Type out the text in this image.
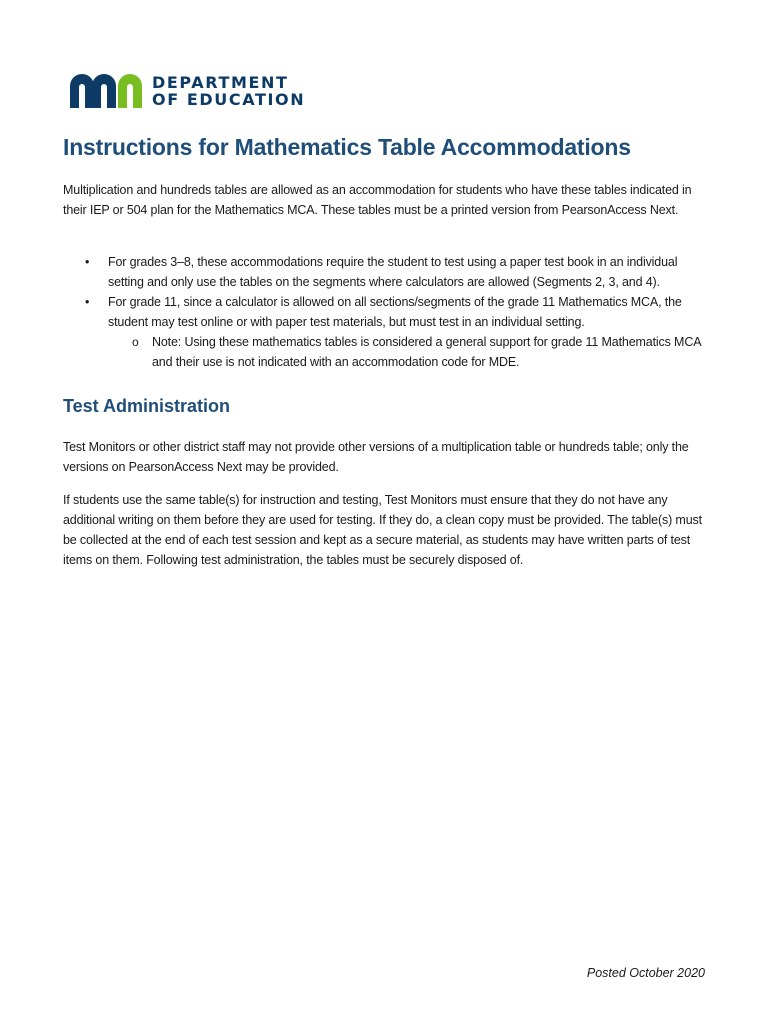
DEPARTMENT
OF EDUCATION
Instructions for Mathematics Table Accommodations

Multiplication and hundreds tables are allowed as an accommodation for students who have these tables indicated in their IEP or 504 plan for the Mathematics MCA. These tables must be a printed version from PearsonAccess Next.

• For grades 3–8, these accommodations require the student to test using a paper test book in an individual setting and only use the tables on the segments where calculators are allowed (Segments 2, 3, and 4).
• For grade 11, since a calculator is allowed on all sections/segments of the grade 11 Mathematics MCA, the student may test online or with paper test materials, but must test in an individual setting.
o Note: Using these mathematics tables is considered a general support for grade 11 Mathematics MCA and their use is not indicated with an accommodation code for MDE.
Test Administration

Test Monitors or other district staff may not provide other versions of a multiplication table or hundreds table; only the versions on PearsonAccess Next may be provided.

If students use the same table(s) for instruction and testing, Test Monitors must ensure that they do not have any additional writing on them before they are used for testing. If they do, a clean copy must be provided. The table(s) must be collected at the end of each test session and kept as a secure material, as students may have written parts of test items on them. Following test administration, the tables must be securely disposed of.

Posted October 2020
